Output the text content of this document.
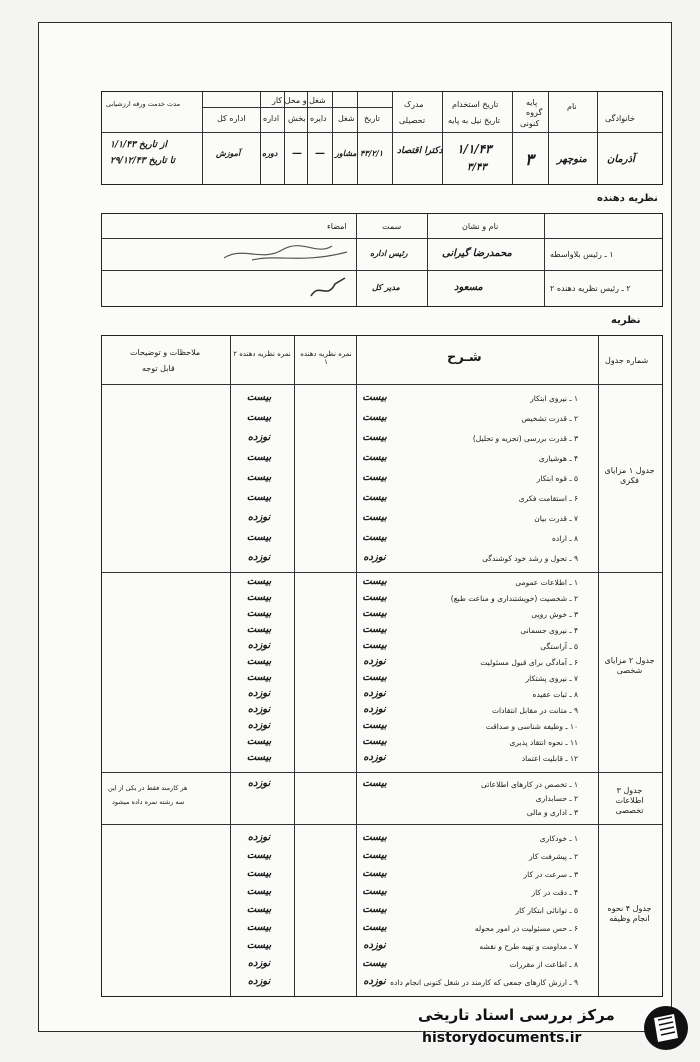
خانوادگی
نام
پایه
گروه
کنونی
تاریخ استخدام
تاریخ نیل به پایه
مدرک
تحصیلی
شغل و محل کار
تاریخ
شغل
دایره
بخش
اداره
اداره کل
مدت خدمت ورقه ارزشیابی
آذرمان
منوچهر
۳
۱/۱/۴۳
۳/۴۳
دکترا اقتصاد
۴۳/۲/۱
مشاور
—
—
دوره
آموزش
از تاریخ ۱/۱/۴۳
تا تاریخ ۲۹/۱۲/۴۳
نظریه دهنده
نام و نشان
سمت
امضاء
۱ ـ رئیس بلاواسطه
محمدرضا گیرانی
رئیس اداره
۲ ـ رئیس نظریه دهنده ۲
مسعود
مدیر کل
نظریه
شماره جدول
شـرح
نمره نظریه دهنده ۱
نمره نظریه دهنده ۲
ملاحظات و توضیحات
قابل توجه
جدول ۱ مزایای فکری
جدول ۲ مزایای شخصی
جدول ۳ اطلاعات تخصصی
جدول ۴ نحوه انجام وظیفه
۱ ـ نیروی ابتکار
۲ ـ قدرت تشخیص
۳ ـ قدرت بررسی (تجزیه و تحلیل)
۴ ـ هوشیاری
۵ ـ قوه ابتکار
۶ ـ استقامت فکری
۷ ـ قدرت بیان
۸ ـ اراده
۹ ـ تحول و رشد خود کوشندگی
بیست
بیست
بیست
بیست
بیست
بیست
بیست
بیست
نوزده
بیست
بیست
نوزده
بیست
بیست
بیست
نوزده
بیست
نوزده
۱ ـ اطلاعات عمومی
۲ ـ شخصیت (خویشتنداری و مناعت طبع)
۳ ـ خوش رویی
۴ ـ نیروی جسمانی
۵ ـ آراستگی
۶ ـ آمادگی برای قبول مسئولیت
۷ ـ نیروی پشتکار
۸ ـ ثبات عقیده
۹ ـ متانت در مقابل انتقادات
۱۰ ـ وظیفه شناسی و صداقت
۱۱ ـ نحوه انتقاد پذیری
۱۲ ـ قابلیت اعتماد
بیست
بیست
بیست
بیست
بیست
نوزده
بیست
نوزده
نوزده
بیست
بیست
نوزده
بیست
بیست
بیست
بیست
نوزده
بیست
بیست
نوزده
نوزده
نوزده
بیست
بیست
۱ ـ تخصص در کارهای اطلاعاتی
۲ ـ حسابداری
۳ ـ اداری و مالی
بیست
نوزده
هر کارمند فقط در یکی از این
سه رشته نمره داده میشود
۱ ـ خودکاری
۲ ـ پیشرفت کار
۳ ـ سرعت در کار
۴ ـ دقت در کار
۵ ـ توانائی ابتکار کار
۶ ـ حس مسئولیت در امور محوله
۷ ـ مداومت و تهیه طرح و نقشه
۸ ـ اطاعت از مقررات
۹ ـ ارزش کارهای جمعی که کارمند در شغل کنونی انجام داده
بیست
بیست
بیست
بیست
بیست
بیست
نوزده
بیست
نوزده
نوزده
بیست
بیست
بیست
بیست
بیست
بیست
نوزده
نوزده
مرکز بررسی اسناد تاریخی
historydocuments.ir
